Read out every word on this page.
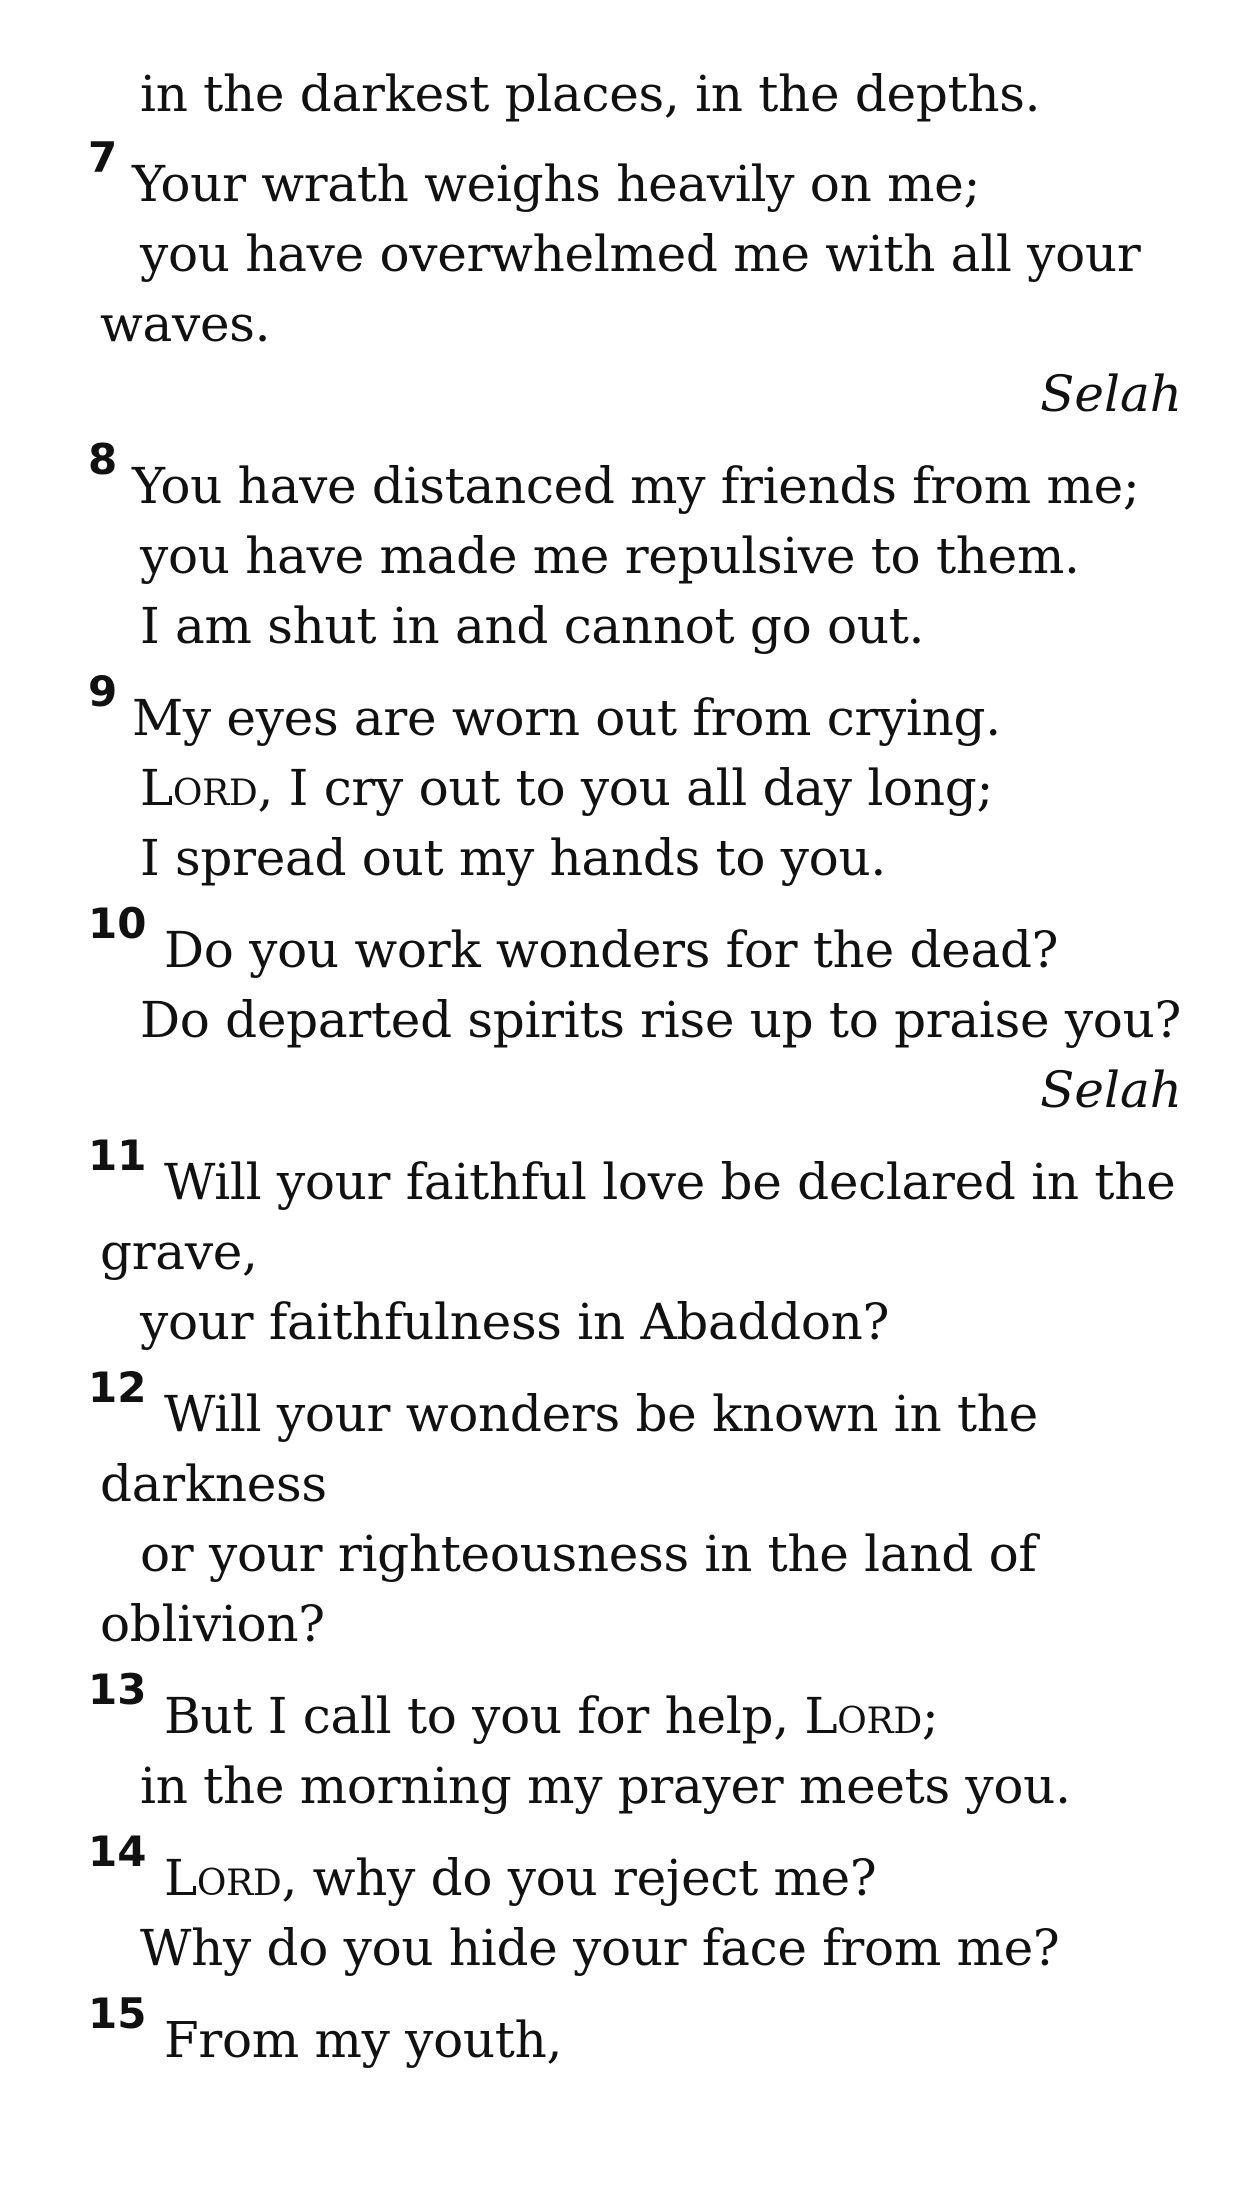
in the darkest places, in the depths.
7 Your wrath weighs heavily on me;
you have overwhelmed me with all your
waves.
Selah
8 You have distanced my friends from me;
you have made me repulsive to them.
I am shut in and cannot go out.
9 My eyes are worn out from crying.
LORD, I cry out to you all day long;
I spread out my hands to you.
10 Do you work wonders for the dead?
Do departed spirits rise up to praise you?
Selah
11 Will your faithful love be declared in the
grave,
your faithfulness in Abaddon?
12 Will your wonders be known in the
darkness
or your righteousness in the land of
oblivion?
13 But I call to you for help, LORD;
in the morning my prayer meets you.
14 LORD, why do you reject me?
Why do you hide your face from me?
15 From my youth,
